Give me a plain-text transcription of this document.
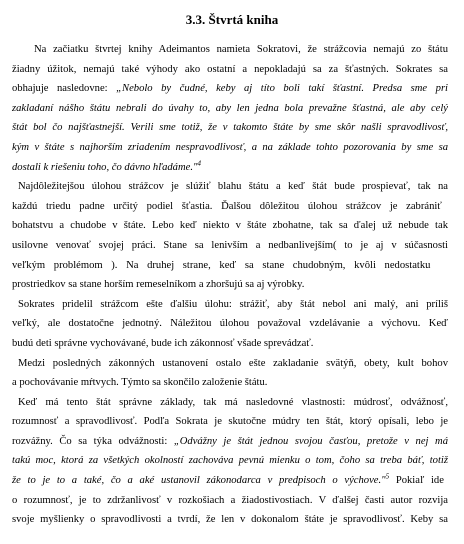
3.3. Štvrtá kniha
Na začiatku štvrtej knihy Adeimantos namieta Sokratovi, že strážcovia nemajú zo štátu
žiadny úžitok, nemajú také výhody ako ostatní a nepokladajú sa za šťastných. Sokrates sa
obhajuje nasledovne: „Nebolo by čudné, keby aj títo boli takí šťastní. Predsa sme pri
zakladaní nášho štátu nebrali do úvahy to, aby len jedna bola prevažne šťastná, ale aby celý
štát bol čo najšťastnejší. Verili sme totiž, že v takomto štáte by sme skôr našli spravodlivosť,
kým v štáte s najhorším zriadením nespravodlivosť, a na základe tohto pozorovania by sme sa
dostali k riešeniu toho, čo dávno hľadáme."$^4$
Najdôležitejšou úlohou strážcov je slúžiť blahu štátu a keď štát bude prospievať, tak na
každú triedu padne určitý podiel šťastia. Ďalšou dôležitou úlohou strážcov je zabrániť
bohatstvu a chudobe v štáte. Lebo keď niekto v štáte zbohatne, tak sa ďalej už nebude tak
usilovne venovať svojej práci. Stane sa lenivším a nedbanlivejším( to je aj v súčasnosti
veľkým problémom ). Na druhej strane, keď sa stane chudobným, kvôli nedostatku
prostriedkov sa stane horším remeselníkom a zhoršujú sa aj výrobky.
Sokrates pridelil strážcom ešte ďalšiu úlohu: strážiť, aby štát nebol ani malý, ani príliš
veľký, ale dostatočne jednotný. Náležitou úlohou považoval vzdelávanie a výchovu. Keď
budú deti správne vychovávané, bude ich zákonnosť všade sprevádzať.
Medzi posledných zákonných ustanovení ostalo ešte zakladanie svätýň, obety, kult bohov
a pochovávanie mŕtvych. Týmto sa skončilo založenie štátu.
Keď má tento štát správne základy, tak má nasledovné vlastnosti: múdrosť, odvážnosť,
rozumnosť a spravodlivosť. Podľa Sokrata je skutočne múdry ten štát, ktorý opísali, lebo je
rozvážny. Čo sa týka odvážnosti: „Odvážny je štát jednou svojou časťou, pretože v nej má
takú moc, ktorá za všetkých okolností zachováva pevnú mienku o tom, čoho sa treba báť, totiž
že to je to a také, čo a aké ustanovil zákonodarca v predpisoch o výchove."$^5$ Pokiaľ ide
o rozumnosť, je to zdržanlivosť v rozkošiach a žiadostivostiach. V ďalšej časti autor rozvija
svoje myšlienky o spravodlivosti a tvrdí, že len v dokonalom štáte je spravodlivosť. Keby sa
